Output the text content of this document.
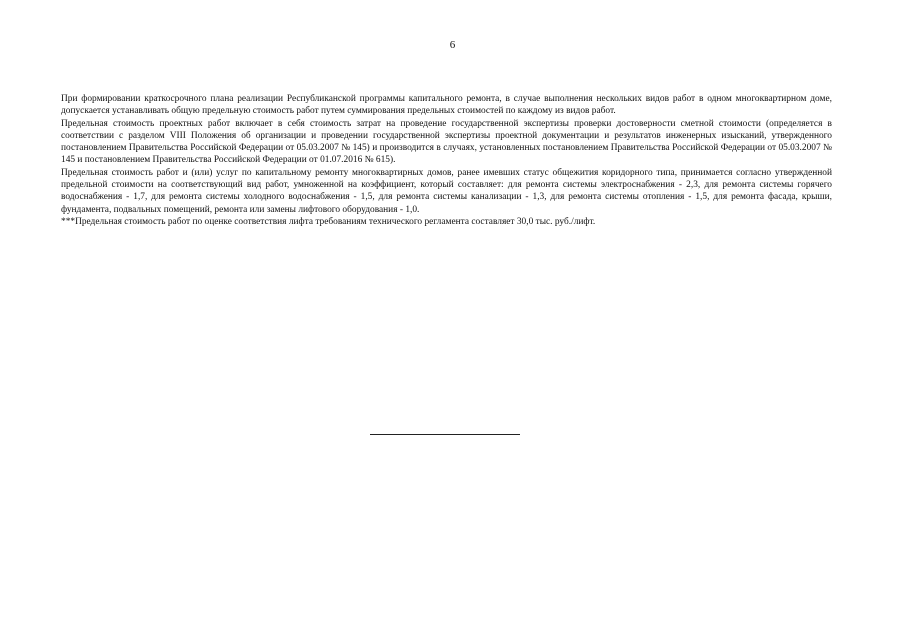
6

При формировании краткосрочного плана реализации Республиканской программы капитального ремонта, в случае выполнения нескольких видов работ в одном многоквартирном доме, допускается устанавливать общую предельную стоимость работ путем суммирования предельных стоимостей по каждому из видов работ.

Предельная стоимость проектных работ включает в себя стоимость затрат на проведение государственной экспертизы проверки достоверности сметной стоимости (определяется в соответствии с разделом VIII Положения об организации и проведении государственной экспертизы проектной документации и результатов инженерных изысканий, утвержденного постановлением Правительства Российской Федерации от 05.03.2007 № 145) и производится в случаях, установленных постановлением Правительства Российской Федерации от 05.03.2007 № 145 и постановлением Правительства Российской Федерации от 01.07.2016 № 615).

Предельная стоимость работ и (или) услуг по капитальному ремонту многоквартирных домов, ранее имевших статус общежития коридорного типа, принимается согласно утвержденной предельной стоимости на соответствующий вид работ, умноженной на коэффициент, который составляет: для ремонта системы электроснабжения - 2,3, для ремонта системы горячего водоснабжения - 1,7, для ремонта системы холодного водоснабжения - 1,5, для ремонта системы канализации - 1,3, для ремонта системы отопления - 1,5, для ремонта фасада, крыши, фундамента, подвальных помещений, ремонта или замены лифтового оборудования - 1,0.

***Предельная стоимость работ по оценке соответствия лифта требованиям технического регламента составляет 30,0 тыс. руб./лифт.
